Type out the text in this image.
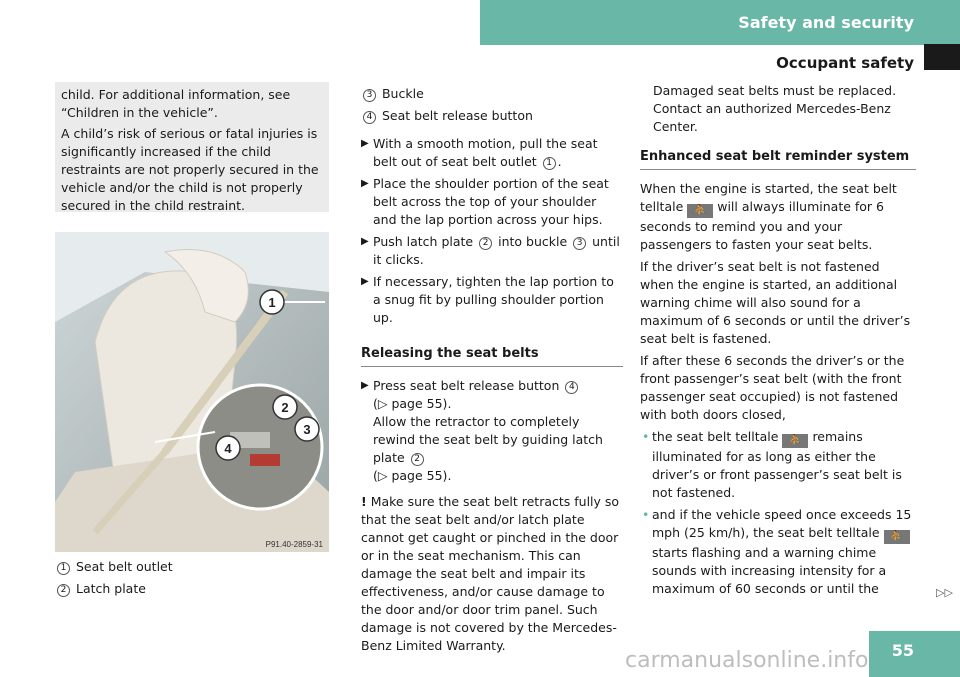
Safety and security
Occupant safety

child. For additional information, see “Children in the vehicle”.

A child’s risk of serious or fatal injuries is significantly increased if the child restraints are not properly secured in the vehicle and/or the child is not properly secured in the child restraint.

1
2
3
4
P91.40-2859-31

1 Seat belt outlet

2 Latch plate

3 Buckle

4 Seat belt release button

▶ With a smooth motion, pull the seat belt out of seat belt outlet 1 .
▶ Place the shoulder portion of the seat belt across the top of your shoulder and the lap portion across your hips.
▶ Push latch plate 2 into buckle 3 until it clicks.
▶ If necessary, tighten the lap portion to a snug fit by pulling shoulder portion up.
Releasing the seat belts
▶ Press seat belt release button 4
(▷ page 55).
Allow the retractor to completely rewind the seat belt by guiding latch plate 2
(▷ page 55).

! Make sure the seat belt retracts fully so that the seat belt and/or latch plate cannot get caught or pinched in the door or in the seat mechanism. This can damage the seat belt and impair its effectiveness, and/or cause damage to the door and/or door trim panel. Such damage is not covered by the Mercedes-Benz Limited Warranty.

Damaged seat belts must be replaced. Contact an authorized Mercedes-Benz Center.

Enhanced seat belt reminder system

When the engine is started, the seat belt telltale ⛹ will always illuminate for 6 seconds to remind you and your passengers to fasten your seat belts.

If the driver’s seat belt is not fastened when the engine is started, an additional warning chime will also sound for a maximum of 6 seconds or until the driver’s seat belt is fastened.

If after these 6 seconds the driver’s or the front passenger’s seat belt (with the front passenger seat occupied) is not fastened with both doors closed,

• the seat belt telltale ⛹ remains illuminated for as long as either the driver’s or front passenger’s seat belt is not fastened.
• and if the vehicle speed once exceeds 15 mph (25 km/h), the seat belt telltale ⛹ starts flashing and a warning chime sounds with increasing intensity for a maximum of 60 seconds or until the	▷▷
55
carmanualsonline.info
